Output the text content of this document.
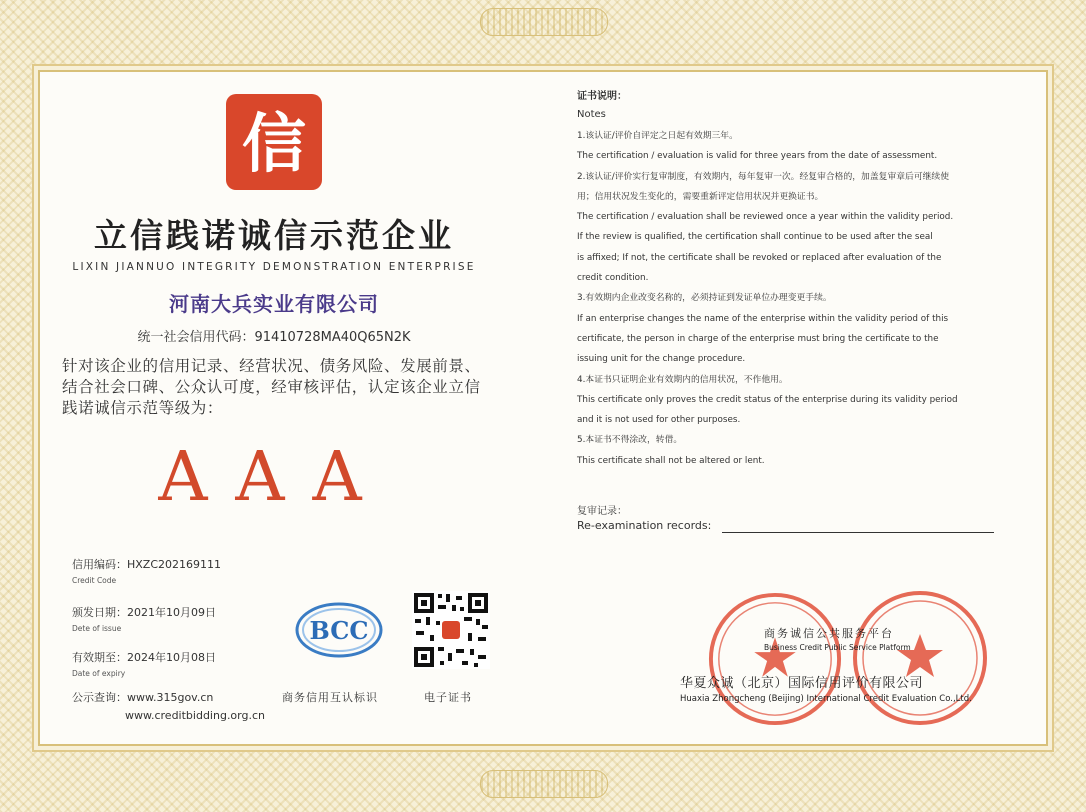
信
立信践诺诚信示范企业
LIXIN JIANNUO INTEGRITY DEMONSTRATION ENTERPRISE
河南大兵实业有限公司
统一社会信用代码：91410728MA40Q65N2K
针对该企业的信用记录、经营状况、债务风险、发展前景、结合社会口碑、公众认可度，经审核评估，认定该企业立信践诺诚信示范等级为：
AAA
信用编码：HXZC202169111
Credit Code
颁发日期：2021年10月09日
Dete of issue
有效期至：2024年10月08日
Date of expiry
公示查询：www.315gov.cn
www.creditbidding.org.cn
BCC
商务信用互认标识	电子证书
证书说明：
Notes
1.该认证/评价自评定之日起有效期三年。
The certification / evaluation is valid for three years from the date of assessment.
2.该认证/评价实行复审制度，有效期内，每年复审一次。经复审合格的，加盖复审章后可继续使
用；信用状况发生变化的，需要重新评定信用状况并更换证书。
The certification / evaluation shall be reviewed once a year within the validity period.
If the review is qualified, the certification shall continue to be used after the seal
is affixed; If not, the certificate shall be revoked or replaced after evaluation of the
credit condition.
3.有效期内企业改变名称的，必须持证到发证单位办理变更手续。
If an enterprise changes the name of the enterprise within the validity period of this
certificate, the person in charge of the enterprise must bring the certificate to the
issuing unit for the change procedure.
4.本证书只证明企业有效期内的信用状况，不作他用。
This certificate only proves the credit status of the enterprise during its validity period
and it is not used for other purposes.
5.本证书不得涂改，转借。
This certificate shall not be altered or lent.
复审记录：
Re-examination records:
商务诚信公共服务平台
Business Credit Public Service Platform
华夏众诚（北京）国际信用评价有限公司
Huaxia Zhongcheng (Beijing) International Credit Evaluation Co.,Ltd.
